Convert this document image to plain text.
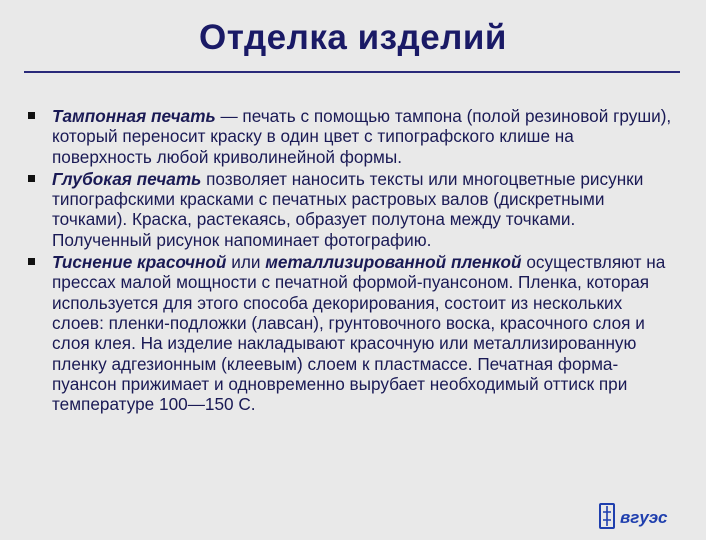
Отделка изделий
Тампонная печать — печать с помощью тампона (полой резиновой груши), который переносит краску в один цвет с типографского клише на поверхность любой криволинейной формы.
Глубокая печать позволяет наносить тексты или многоцветные рисунки типографскими красками с печатных растровых валов (дискретными точками). Краска, растекаясь, образует полутона между точками. Полученный рисунок напоминает фотографию.
Тиснение красочной или металлизированной пленкой осуществляют на прессах малой мощности с печатной формой-пуансоном. Пленка, которая используется для этого способа декорирования, состоит из нескольких слоев: пленки-подложки (лавсан), грунтовочного воска, красочного слоя и слоя клея. На изделие накладывают красочную или металлизированную пленку адгезионным (клеевым) слоем к пластмассе. Печатная форма-пуансон прижимает и одновременно вырубает необходимый оттиск при температуре 100—150 С.
вгуэс
